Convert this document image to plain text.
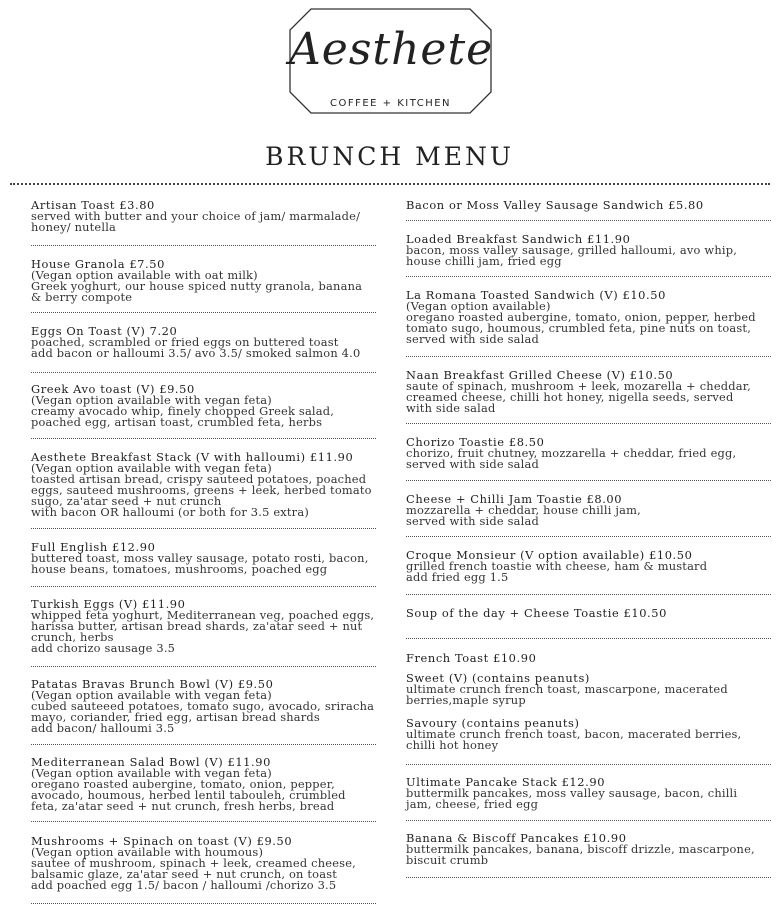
Aesthete
COFFEE + KITCHEN
BRUNCH MENU
Artisan Toast £3.80
served with butter and your choice of jam/ marmalade/
honey/ nutella
House Granola £7.50
(Vegan option available with oat milk)
Greek yoghurt, our house spiced nutty granola, banana
& berry compote
Eggs On Toast (V) 7.20
poached, scrambled or fried eggs on buttered toast
add bacon or halloumi 3.5/ avo 3.5/ smoked salmon 4.0
Greek Avo toast (V) £9.50
(Vegan option available with vegan feta)
creamy avocado whip, finely chopped Greek salad,
poached egg, artisan toast, crumbled feta, herbs
Aesthete Breakfast Stack (V with halloumi) £11.90
(Vegan option available with vegan feta)
toasted artisan bread, crispy sauteed potatoes, poached
eggs, sauteed mushrooms, greens + leek, herbed tomato
sugo, za'atar seed + nut crunch
with bacon OR halloumi (or both for 3.5 extra)
Full English £12.90
buttered toast, moss valley sausage, potato rosti, bacon,
house beans, tomatoes, mushrooms, poached egg
Turkish Eggs (V) £11.90
whipped feta yoghurt, Mediterranean veg, poached eggs,
harissa butter, artisan bread shards, za'atar seed + nut
crunch, herbs
add chorizo sausage 3.5
Patatas Bravas Brunch Bowl (V) £9.50
(Vegan option available with vegan feta)
cubed sauteeed potatoes, tomato sugo, avocado, sriracha
mayo, coriander, fried egg, artisan bread shards
add bacon/ halloumi 3.5
Mediterranean Salad Bowl (V) £11.90
(Vegan option available with vegan feta)
oregano roasted aubergine, tomato, onion, pepper,
avocado, houmous, herbed lentil tabouleh, crumbled
feta, za'atar seed + nut crunch, fresh herbs, bread
Mushrooms + Spinach on toast (V) £9.50
(Vegan option available with houmous)
sautee of mushroom, spinach + leek, creamed cheese,
balsamic glaze, za'atar seed + nut crunch, on toast
add poached egg 1.5/ bacon / halloumi /chorizo 3.5
Bacon or Moss Valley Sausage Sandwich £5.80
Loaded Breakfast Sandwich £11.90
bacon, moss valley sausage, grilled halloumi, avo whip,
house chilli jam, fried egg
La Romana Toasted Sandwich (V) £10.50
(Vegan option available)
oregano roasted aubergine, tomato, onion, pepper, herbed
tomato sugo, houmous, crumbled feta, pine nuts on toast,
served with side salad
Naan Breakfast Grilled Cheese (V) £10.50
saute of spinach, mushroom + leek, mozarella + cheddar,
creamed cheese, chilli hot honey, nigella seeds, served
with side salad
Chorizo Toastie £8.50
chorizo, fruit chutney, mozzarella + cheddar, fried egg,
served with side salad
Cheese + Chilli Jam Toastie £8.00
mozzarella + cheddar, house chilli jam,
served with side salad
Croque Monsieur (V option available) £10.50
grilled french toastie with cheese, ham & mustard
add fried egg 1.5
Soup of the day + Cheese Toastie £10.50
French Toast £10.90
Sweet (V) (contains peanuts)
ultimate crunch french toast, mascarpone, macerated
berries,maple syrup
Savoury (contains peanuts)
ultimate crunch french toast, bacon, macerated berries,
chilli hot honey
Ultimate Pancake Stack £12.90
buttermilk pancakes, moss valley sausage, bacon, chilli
jam, cheese, fried egg
Banana & Biscoff Pancakes £10.90
buttermilk pancakes, banana, biscoff drizzle, mascarpone,
biscuit crumb
